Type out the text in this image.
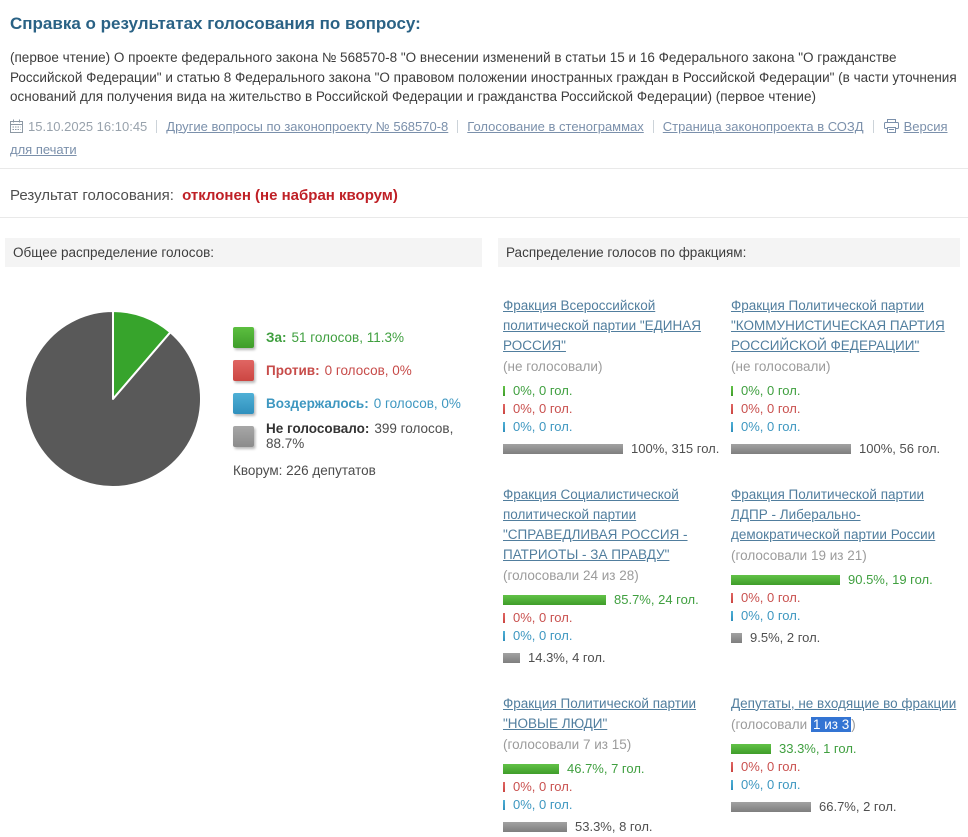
Справка о результатах голосования по вопросу:
(первое чтение) О проекте федерального закона № 568570-8 "О внесении изменений в статьи 15 и 16 Федерального закона "О гражданстве Российской Федерации" и статью 8 Федерального закона "О правовом положении иностранных граждан в Российской Федерации" (в части уточнения оснований для получения вида на жительство в Российской Федерации и гражданства Российской Федерации) (первое чтение)
15.10.2025 16:10:45 Другие вопросы по законопроекту № 568570-8 Голосование в стенограммах Страница законопроекта в СОЗД	Версия для печати
Результат голосования: отклонен (не набран кворум)
Общее распределение голосов:
За: 51 голосов, 11.3%
Против: 0 голосов, 0%
Воздержалось: 0 голосов, 0%
Не голосовало: 399 голосов, 88.7%
Кворум: 226 депутатов
Распределение голосов по фракциям:
Фракция Всероссийской политической партии "ЕДИНАЯ РОССИЯ"
(не голосовали)
0%, 0 гол.
0%, 0 гол.
0%, 0 гол.
100%, 315 гол.
Фракция Политической партии "КОММУНИСТИЧЕСКАЯ ПАРТИЯ РОССИЙСКОЙ ФЕДЕРАЦИИ"
(не голосовали)
0%, 0 гол.
0%, 0 гол.
0%, 0 гол.
100%, 56 гол.
Фракция Социалистической политической партии "СПРАВЕДЛИВАЯ РОССИЯ - ПАТРИОТЫ - ЗА ПРАВДУ"
(голосовали 24 из 28)
85.7%, 24 гол.
0%, 0 гол.
0%, 0 гол.
14.3%, 4 гол.
Фракция Политической партии ЛДПР - Либерально-демократической партии России
(голосовали 19 из 21)
90.5%, 19 гол.
0%, 0 гол.
0%, 0 гол.
9.5%, 2 гол.
Фракция Политической партии "НОВЫЕ ЛЮДИ"
(голосовали 7 из 15)
46.7%, 7 гол.
0%, 0 гол.
0%, 0 гол.
53.3%, 8 гол.
Депутаты, не входящие во фракции
(голосовали 1 из 3 )
33.3%, 1 гол.
0%, 0 гол.
0%, 0 гол.
66.7%, 2 гол.
